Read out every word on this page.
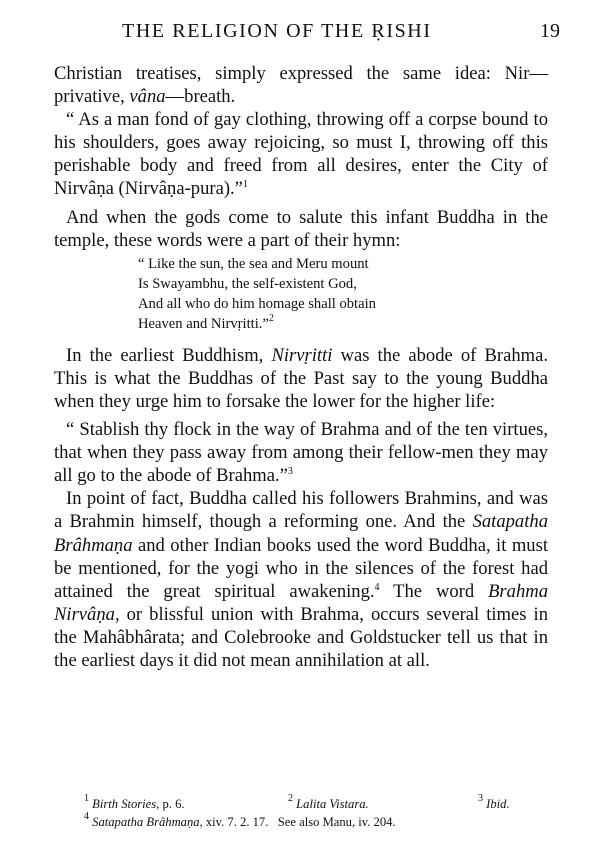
THE RELIGION OF THE ṚISHI	19

Christian treatises, simply expressed the same idea: Nir—privative, vâna—breath.

“ As a man fond of gay clothing, throwing off a corpse bound to his shoulders, goes away rejoicing, so must I, throwing off this perishable body and freed from all desires, enter the City of Nirvâṇa (Nirvâṇa-pura).”$^1$

And when the gods come to salute this infant Buddha in the temple, these words were a part of their hymn:

“ Like the sun, the sea and Meru mount
Is Swayambhu, the self-existent God,
And all who do him homage shall obtain
Heaven and Nirvṛitti.”$^2$

In the earliest Buddhism, Nirvṛitti was the abode of Brahma. This is what the Buddhas of the Past say to the young Buddha when they urge him to forsake the lower for the higher life:

“ Stablish thy flock in the way of Brahma and of the ten virtues, that when they pass away from among their fellow-men they may all go to the abode of Brahma.”$^3$

In point of fact, Buddha called his followers Brahmins, and was a Brahmin himself, though a reforming one. And the Satapatha Brâhmaṇa and other Indian books used the word Buddha, it must be mentioned, for the yogi who in the silences of the forest had attained the great spiritual awakening.$^4$ The word Brahma Nirvâṇa, or blissful union with Brahma, occurs several times in the Mahâbhârata; and Colebrooke and Goldstucker tell us that in the earliest days it did not mean annihilation at all.

$^1$ Birth Stories, p. 6.	$^2$ Lalita Vistara.	$^3$ Ibid.
$^4$ Satapatha Brâhmaṇa, xiv. 7. 2. 17.   See also Manu, iv. 204.
